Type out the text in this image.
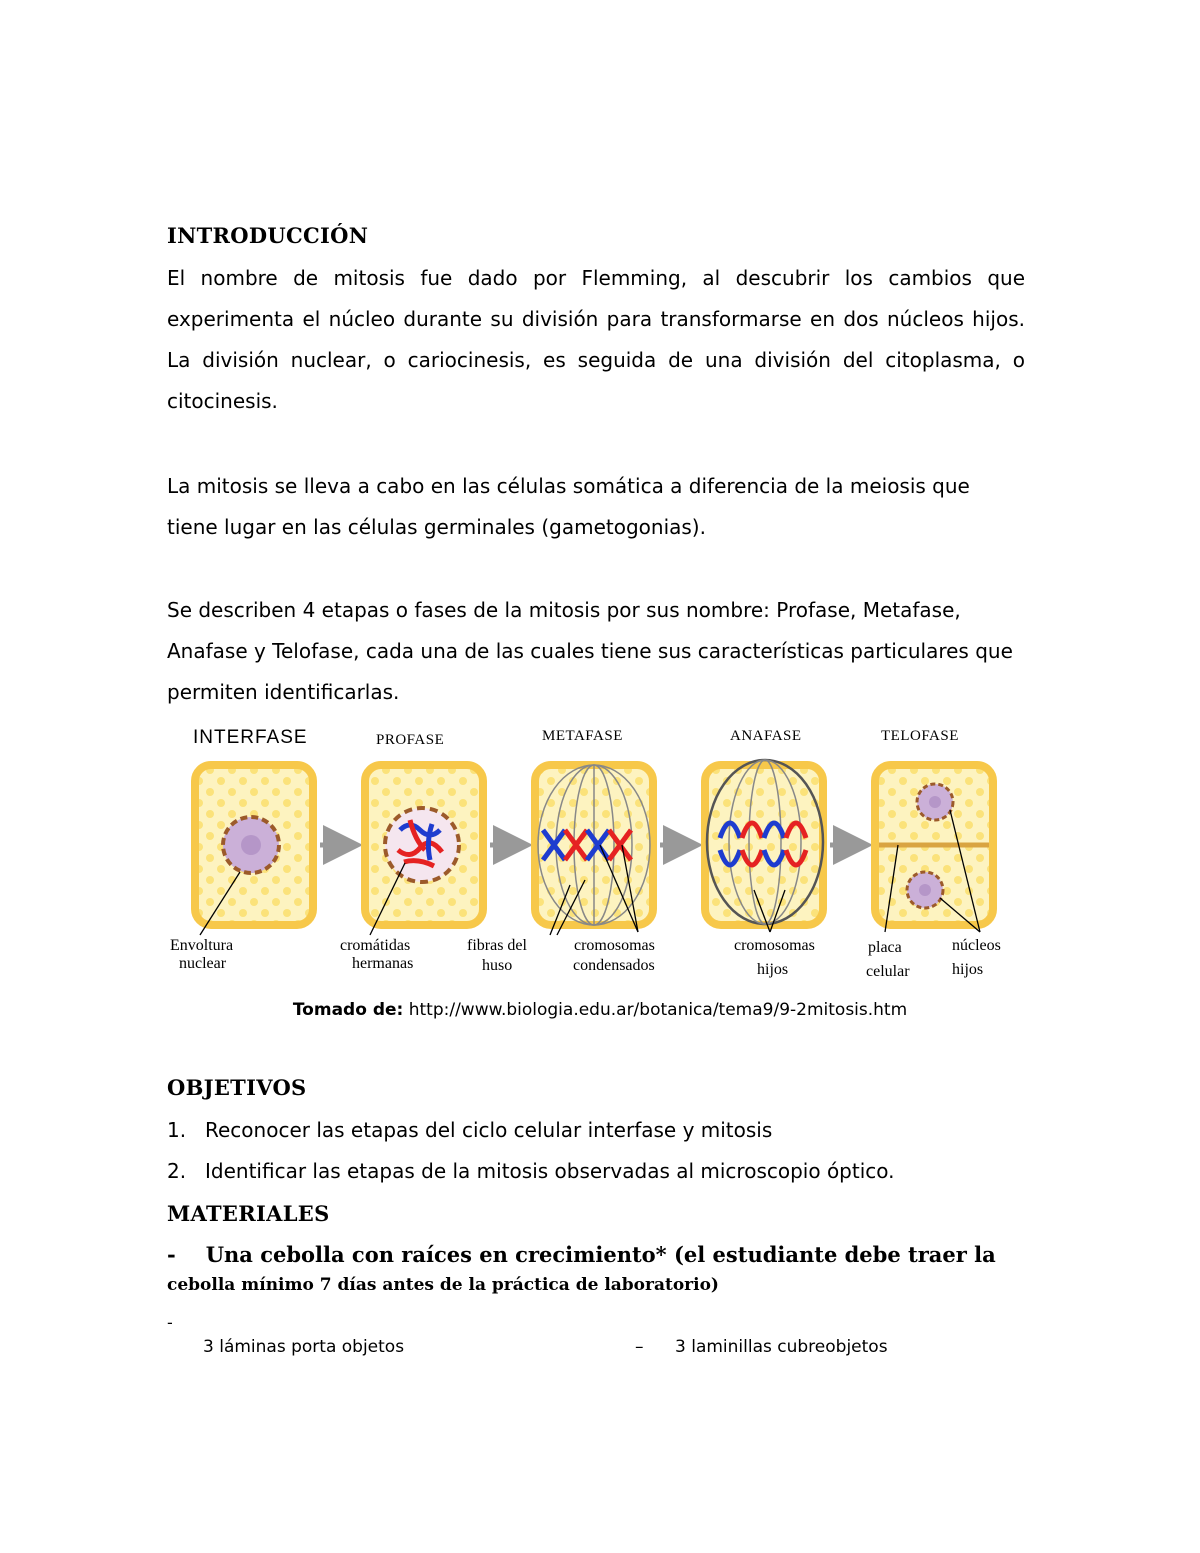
INTRODUCCIÓN

El nombre de mitosis fue dado por Flemming, al descubrir los cambios que experimenta el núcleo durante su división para transformarse en dos núcleos hijos. La división nuclear, o cariocinesis, es seguida de una división del citoplasma, o citocinesis.

La mitosis se lleva a cabo en las células somática a diferencia de la meiosis que tiene lugar en las células germinales (gametogonias).

Se describen 4 etapas o fases de la mitosis por sus nombre: Profase, Metafase, Anafase y Telofase, cada una de las cuales tiene sus características particulares que permiten identificarlas.

INTERFASE	PROFASE	METAFASE	ANAFASE	TELOFASE
Envoltura
nuclear
cromátidas
hermanas
fibras del
huso
cromosomas
condensados
cromosomas
hijos
placa
celular
núcleos
hijos
Tomado de: http://www.biologia.edu.ar/botanica/tema9/9-2mitosis.htm
OBJETIVOS
1. Reconocer las etapas del ciclo celular interfase y mitosis
2. Identificar las etapas de la mitosis observadas al microscopio óptico.
MATERIALES
- Una cebolla con raíces en crecimiento* (el estudiante debe traer la
cebolla mínimo 7 días antes de la práctica de laboratorio)
-
3 láminas porta objetos	– 3 laminillas cubreobjetos
